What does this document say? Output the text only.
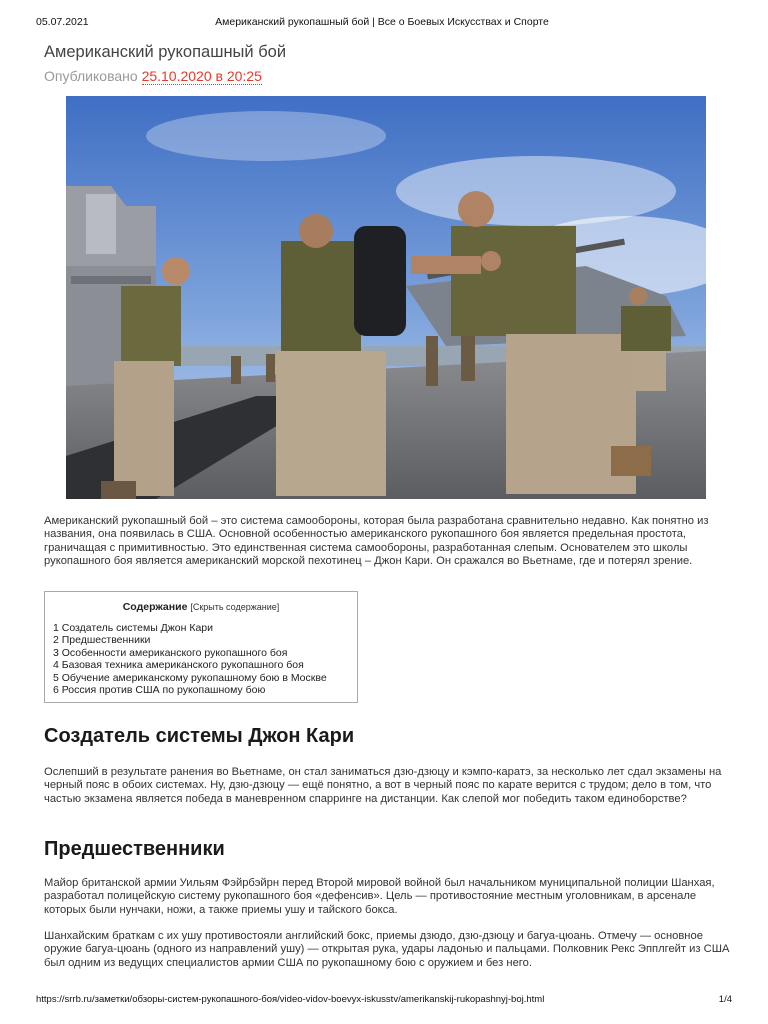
05.07.2021	Американский рукопашный бой | Все о Боевых Искусствах и Спорте
Американский рукопашный бой
Опубликовано 25.10.2020 в 20:25

Американский рукопашный бой – это система самообороны, которая была разработана сравнительно недавно. Как понятно из названия, она появилась в США. Основной особенностью американского рукопашного боя является предельная простота, граничащая с примитивностью. Это единственная система самообороны, разработанная слепым. Основателем это школы рукопашного боя является американский морской пехотинец – Джон Кари. Он сражался во Вьетнаме, где и потерял зрение.

Содержание [Скрыть содержание]
1 Создатель системы Джон Кари
2 Предшественники
3 Особенности американского рукопашного боя
4 Базовая техника американского рукопашного боя
5 Обучение американскому рукопашному бою в Москве
6 Россия против США по рукопашному бою
Создатель системы Джон Кари

Ослепший в результате ранения во Вьетнаме, он стал заниматься дзю-дзюцу и кэмпо-каратэ, за несколько лет сдал экзамены на черный пояс в обоих системах. Ну, дзю-дзюцу — ещё понятно, а вот в черный пояс по карате верится с трудом; дело в том, что частью экзамена является победа в маневренном спарринге на дистанции. Как слепой мог победить таком единоборстве?

Предшественники

Майор британской армии Уильям Фэйрбэйрн перед Второй мировой войной был начальником муниципальной полиции Шанхая, разработал полицейскую систему рукопашного боя «дефенсив». Цель — противостояние местным уголовникам, в арсенале которых были нунчаки, ножи, а также приемы ушу и тайского бокса.

Шанхайским браткам с их ушу противостояли английский бокс, приемы дзюдо, дзю-дзюцу и багуа-цюань. Отмечу — основное оружие багуа-цюань (одного из направлений ушу) — открытая рука, удары ладонью и пальцами. Полковник Рекс Эпплгейт из США был одним из ведущих специалистов армии США по рукопашному бою с оружием и без него.

https://srrb.ru/заметки/обзоры-систем-рукопашного-боя/video-vidov-boevyx-iskusstv/amerikanskij-rukopashnyj-boj.html	1/4
